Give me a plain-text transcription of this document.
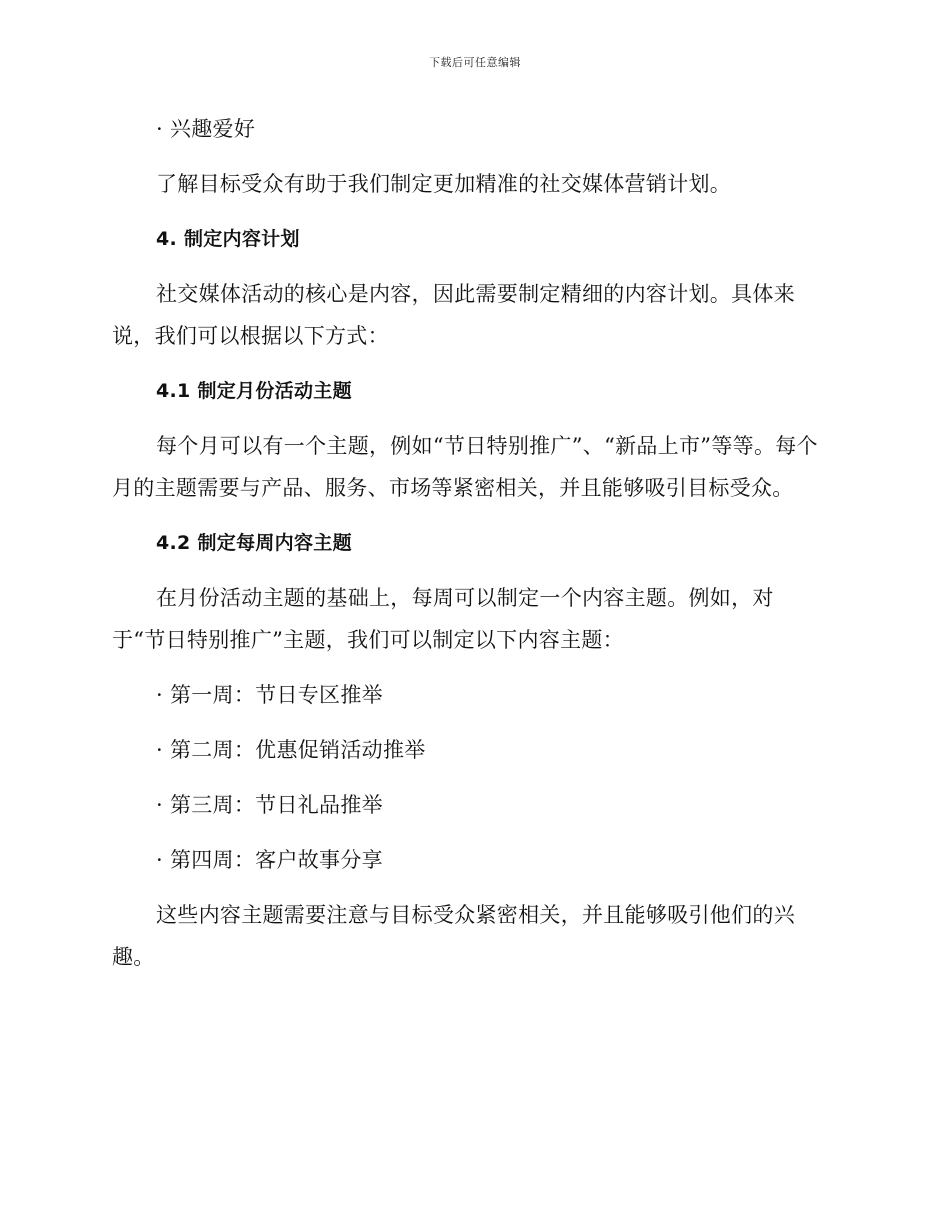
下载后可任意编辑
· 兴趣爱好
了解目标受众有助于我们制定更加精准的社交媒体营销计划。
4. 制定内容计划
社交媒体活动的核心是内容，因此需要制定精细的内容计划。具体来说，我们可以根据以下方式：
4.1 制定月份活动主题
每个月可以有一个主题，例如“节日特别推广”、“新品上市”等等。每个月的主题需要与产品、服务、市场等紧密相关，并且能够吸引目标受众。
4.2 制定每周内容主题
在月份活动主题的基础上，每周可以制定一个内容主题。例如，对于“节日特别推广”主题，我们可以制定以下内容主题：
· 第一周：节日专区推举
· 第二周：优惠促销活动推举
· 第三周：节日礼品推举
· 第四周：客户故事分享
这些内容主题需要注意与目标受众紧密相关，并且能够吸引他们的兴趣。
